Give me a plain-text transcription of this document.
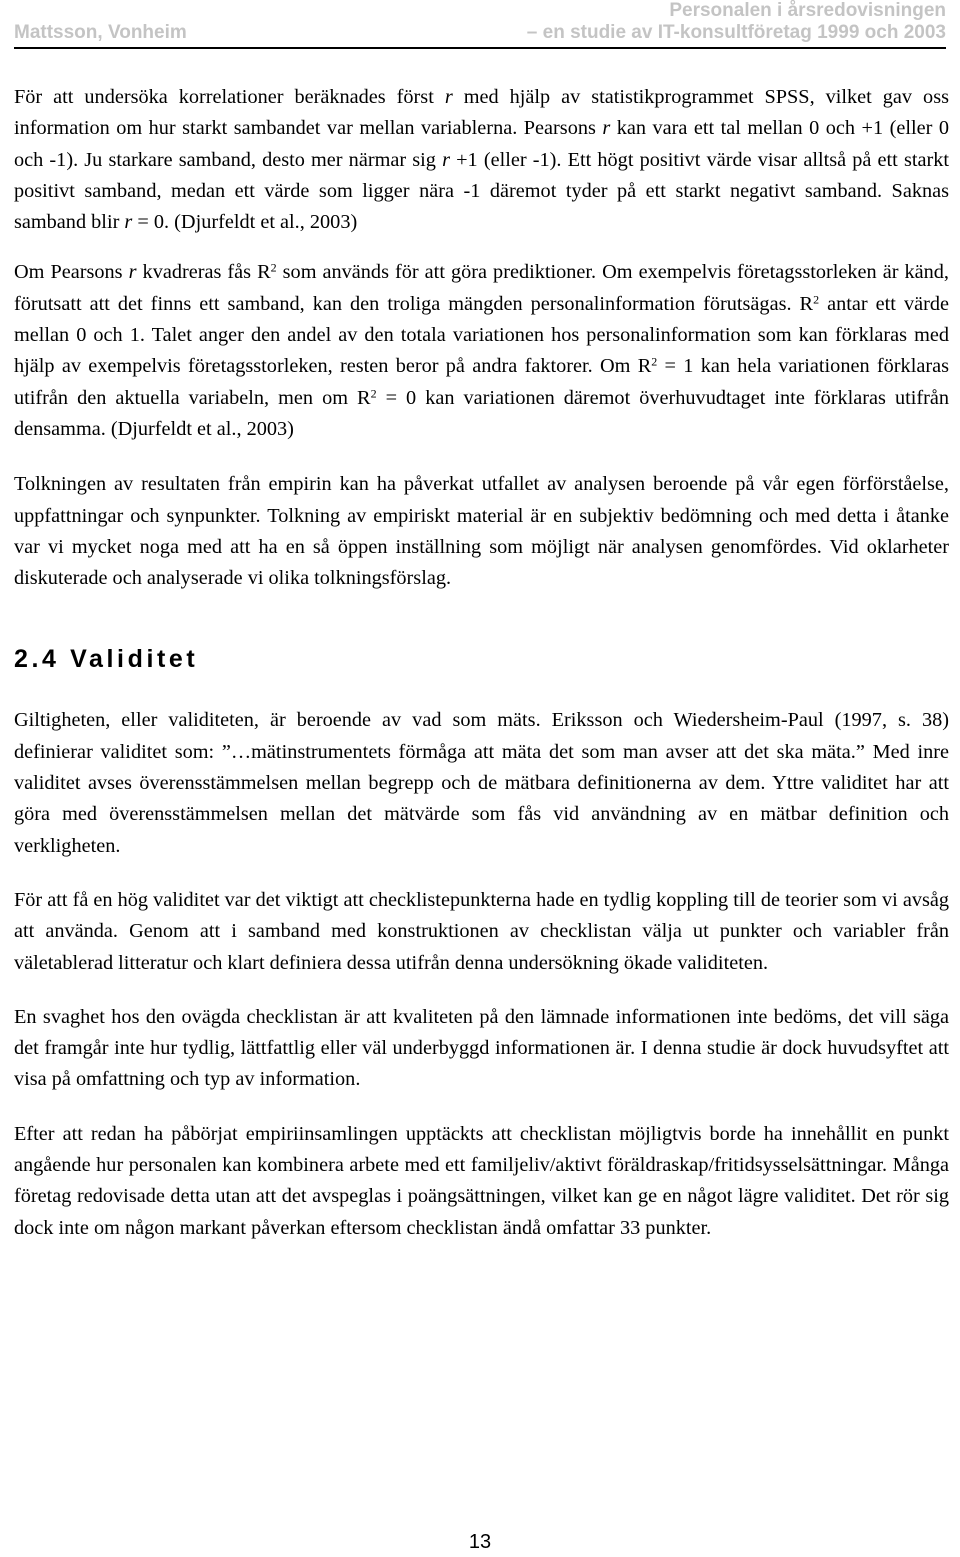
Mattsson, Vonheim
Personalen i årsredovisningen
– en studie av IT-konsultföretag 1999 och 2003

För att undersöka korrelationer beräknades först r med hjälp av statistikprogrammet SPSS, vilket gav oss information om hur starkt sambandet var mellan variablerna. Pearsons r kan vara ett tal mellan 0 och +1 (eller 0 och -1). Ju starkare samband, desto mer närmar sig r +1 (eller -1). Ett högt positivt värde visar alltså på ett starkt positivt samband, medan ett värde som ligger nära -1 däremot tyder på ett starkt negativt samband. Saknas samband blir r = 0. (Djurfeldt et al., 2003)

Om Pearsons r kvadreras fås $R^2$ som används för att göra prediktioner. Om exempelvis företagsstorleken är känd, förutsatt att det finns ett samband, kan den troliga mängden personalinformation förutsägas. $R^2$ antar ett värde mellan 0 och 1. Talet anger den andel av den totala variationen hos personalinformation som kan förklaras med hjälp av exempelvis företagsstorleken, resten beror på andra faktorer. Om $R^2 = 1$ kan hela variationen förklaras utifrån den aktuella variabeln, men om $R^2 = 0$ kan variationen däremot överhuvudtaget inte förklaras utifrån densamma. (Djurfeldt et al., 2003)

Tolkningen av resultaten från empirin kan ha påverkat utfallet av analysen beroende på vår egen förförståelse, uppfattningar och synpunkter. Tolkning av empiriskt material är en subjektiv bedömning och med detta i åtanke var vi mycket noga med att ha en så öppen inställning som möjligt när analysen genomfördes. Vid oklarheter diskuterade och analyserade vi olika tolkningsförslag.

2.4 Validitet

Giltigheten, eller validiteten, är beroende av vad som mäts. Eriksson och Wiedersheim-Paul (1997, s. 38) definierar validitet som: ”…mätinstrumentets förmåga att mäta det som man avser att det ska mäta.” Med inre validitet avses överensstämmelsen mellan begrepp och de mätbara definitionerna av dem. Yttre validitet har att göra med överensstämmelsen mellan det mätvärde som fås vid användning av en mätbar definition och verkligheten.

För att få en hög validitet var det viktigt att checklistepunkterna hade en tydlig koppling till de teorier som vi avsåg att använda. Genom att i samband med konstruktionen av checklistan välja ut punkter och variabler från väletablerad litteratur och klart definiera dessa utifrån denna undersökning ökade validiteten.

En svaghet hos den ovägda checklistan är att kvaliteten på den lämnade informationen inte bedöms, det vill säga det framgår inte hur tydlig, lättfattlig eller väl underbyggd informationen är. I denna studie är dock huvudsyftet att visa på omfattning och typ av information.

Efter att redan ha påbörjat empiriinsamlingen upptäckts att checklistan möjligtvis borde ha innehållit en punkt angående hur personalen kan kombinera arbete med ett familjeliv/aktivt föräldraskap/fritidsysselsättningar. Många företag redovisade detta utan att det avspeglas i poängsättningen, vilket kan ge en något lägre validitet. Det rör sig dock inte om någon markant påverkan eftersom checklistan ändå omfattar 33 punkter.

13
